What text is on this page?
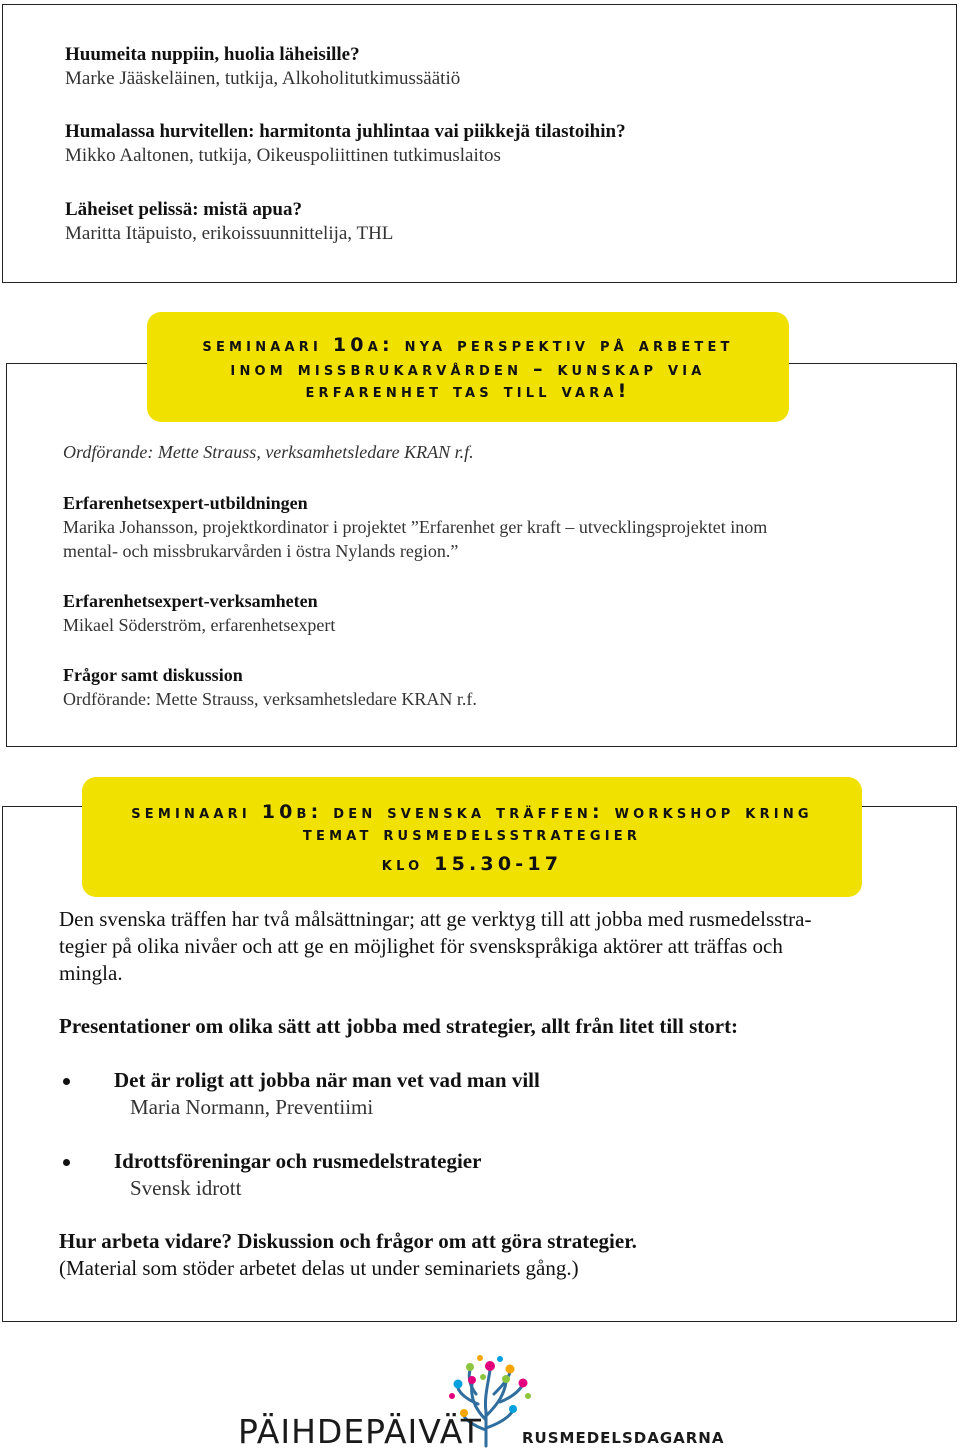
Huumeita nuppiin, huolia läheisille?
Marke Jääskeläinen, tutkija, Alkoholitutkimussäätiö
Humalassa hurvitellen: harmitonta juhlintaa vai piikkejä tilastoihin?
Mikko Aaltonen, tutkija, Oikeuspoliittinen tutkimuslaitos
Läheiset pelissä: mistä apua?
Maritta Itäpuisto, erikoissuunnittelija, THL
seminaari 10a: nya perspektiv på arbetet
inom missbrukarvården – kunskap via
erfarenhet tas till vara!
Ordförande: Mette Strauss, verksamhetsledare KRAN r.f.
Erfarenhetsexpert-utbildningen
Marika Johansson, projektkordinator i projektet ”Erfarenhet ger kraft – utvecklingsprojektet inom
mental- och missbrukarvården i östra Nylands region.”
Erfarenhetsexpert-verksamheten
Mikael Söderström, erfarenhetsexpert
Frågor samt diskussion
Ordförande: Mette Strauss, verksamhetsledare KRAN r.f.
seminaari 10b: den svenska träffen: workshop kring
temat rusmedelsstrategier
klo 15.30-17
Den svenska träffen har två målsättningar; att ge verktyg till att jobba med rusmedelsstra-
tegier på olika nivåer och att ge en möjlighet för svenskspråkiga aktörer att träffas och
mingla.
Presentationer om olika sätt att jobba med strategier, allt från litet till stort:
Det är roligt att jobba när man vet vad man vill
Maria Normann, Preventiimi
Idrottsföreningar och rusmedelstrategier
Svensk idrott
Hur arbeta vidare? Diskussion och frågor om att göra strategier.
(Material som stöder arbetet delas ut under seminariets gång.)
PÄIHDEPÄIVÄT	RUSMEDELSDAGARNA
